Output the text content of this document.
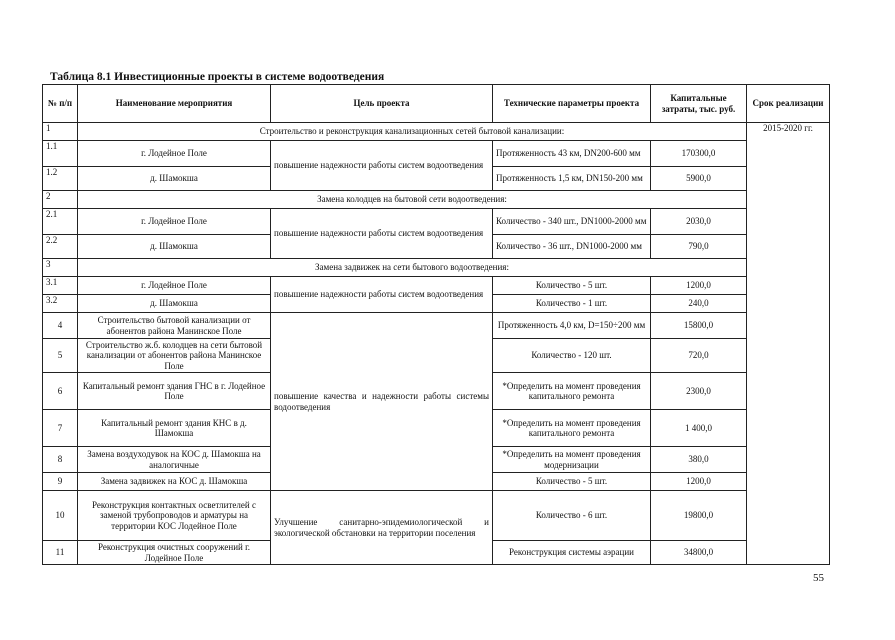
Таблица 8.1 Инвестиционные проекты в системе водоотведения
№ п/п	Наименование мероприятия	Цель проекта	Технические параметры проекта	Капитальные затраты, тыс. руб.	Срок реализации
1	Строительство и реконструкция канализационных сетей бытовой канализации:				2015-2020 гг.
1.1	г. Лодейное Поле	повышение надежности работы систем водоотведения	Протяженность 43 км, DN200-600 мм	170300,0	
1.2	д. Шамокша		Протяженность 1,5 км, DN150-200 мм	5900,0	
2	Замена колодцев на бытовой сети водоотведения:				
2.1	г. Лодейное Поле	повышение надежности работы систем водоотведения	Количество - 340 шт., DN1000-2000 мм	2030,0	
2.2	д. Шамокша		Количество - 36 шт., DN1000-2000 мм	790,0	
3	Замена задвижек на сети бытового водоотведения:				
3.1	г. Лодейное Поле	повышение надежности работы систем водоотведения	Количество - 5 шт.	1200,0	
3.2	д. Шамокша		Количество - 1 шт.	240,0	
4	Строительство бытовой канализации от абонентов района Манинское Поле	повышение качества и надежности работы системы водоотведения	Протяженность 4,0 км, D=150÷200 мм	15800,0	
5	Строительство ж.б. колодцев на сети бытовой канализации от абонентов района Манинское Поле		Количество - 120 шт.	720,0	
6	Капитальный ремонт здания ГНС в г. Лодейное Поле		*Определить на момент проведения капитального ремонта	2300,0	
7	Капитальный ремонт здания КНС в д. Шамокша		*Определить на момент проведения капитального ремонта	1 400,0	
8	Замена воздуходувок на КОС д. Шамокша на аналогичные		*Определить на момент проведения модернизации	380,0	
9	Замена задвижек на КОС д. Шамокша		Количество - 5 шт.	1200,0	
10	Реконструкция контактных осветлителей с заменой трубопроводов и арматуры на территории КОС Лодейное Поле	Улучшение санитарно-эпидемиологической и экологической обстановки на территории поселения	Количество - 6 шт.	19800,0	
11	Реконструкция очистных сооружений г. Лодейное Поле		Реконструкция системы аэрации	34800,0	
55
